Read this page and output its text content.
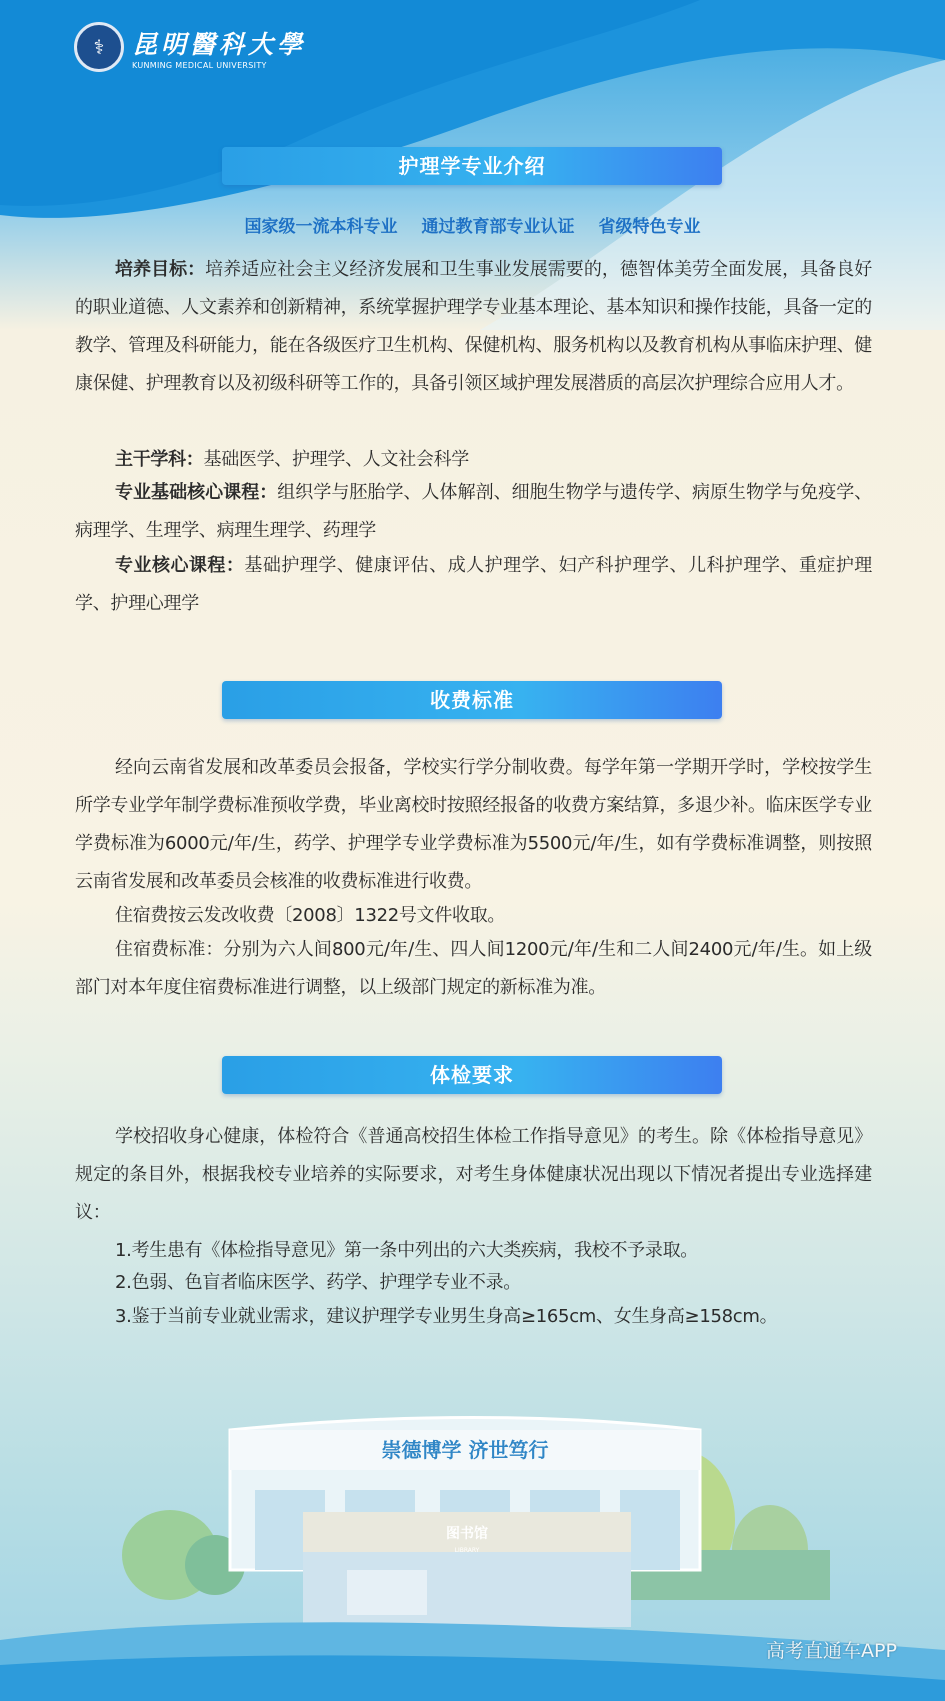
⚕	昆明醫科大學
KUNMING MEDICAL UNIVERSITY
护理学专业介绍
国家级一流本科专业 通过教育部专业认证 省级特色专业
培养目标：培养适应社会主义经济发展和卫生事业发展需要的，德智体美劳全面发展，具备良好的职业道德、人文素养和创新精神，系统掌握护理学专业基本理论、基本知识和操作技能，具备一定的教学、管理及科研能力，能在各级医疗卫生机构、保健机构、服务机构以及教育机构从事临床护理、健康保健、护理教育以及初级科研等工作的，具备引领区域护理发展潜质的高层次护理综合应用人才。
主干学科：基础医学、护理学、人文社会科学
专业基础核心课程：组织学与胚胎学、人体解剖、细胞生物学与遗传学、病原生物学与免疫学、病理学、生理学、病理生理学、药理学
专业核心课程：基础护理学、健康评估、成人护理学、妇产科护理学、儿科护理学、重症护理学、护理心理学
收费标准
经向云南省发展和改革委员会报备，学校实行学分制收费。每学年第一学期开学时，学校按学生所学专业学年制学费标准预收学费，毕业离校时按照经报备的收费方案结算，多退少补。临床医学专业学费标准为6000元/年/生，药学、护理学专业学费标准为5500元/年/生，如有学费标准调整，则按照云南省发展和改革委员会核准的收费标准进行收费。
住宿费按云发改收费〔2008〕1322号文件收取。
住宿费标准：分别为六人间800元/年/生、四人间1200元/年/生和二人间2400元/年/生。如上级部门对本年度住宿费标准进行调整，以上级部门规定的新标准为准。
体检要求
学校招收身心健康，体检符合《普通高校招生体检工作指导意见》的考生。除《体检指导意见》规定的条目外，根据我校专业培养的实际要求，对考生身体健康状况出现以下情况者提出专业选择建议：
1.考生患有《体检指导意见》第一条中列出的六大类疾病，我校不予录取。
2.色弱、色盲者临床医学、药学、护理学专业不录。
3.鉴于当前专业就业需求，建议护理学专业男生身高≥165cm、女生身高≥158cm。
崇德博学 济世笃行
图书馆
LIBRARY
高考直通车APP
